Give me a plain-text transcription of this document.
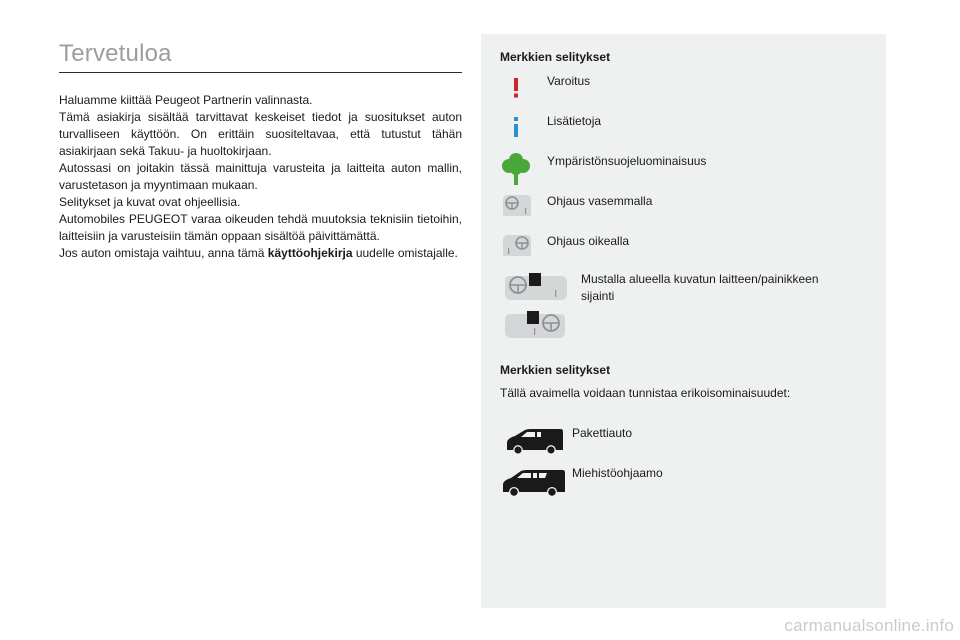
Tervetuloa

Haluamme kiittää Peugeot Partnerin valinnasta.

Tämä asiakirja sisältää tarvittavat keskeiset tiedot ja suositukset auton turvalliseen käyttöön. On erittäin suositeltavaa, että tutustut tähän asiakirjaan sekä Takuu- ja huoltokirjaan.

Autossasi on joitakin tässä mainittuja varusteita ja laitteita auton mallin, varustetason ja myyntimaan mukaan.

Selitykset ja kuvat ovat ohjeellisia.

Automobiles PEUGEOT varaa oikeuden tehdä muutoksia teknisiin tietoihin, laitteisiin ja varusteisiin tämän oppaan sisältöä päivittämättä.

Jos auton omistaja vaihtuu, anna tämä käyttöohjekirja uudelle omistajalle.

Merkkien selitykset
Varoitus
Lisätietoja
Ympäristönsuojeluominaisuus
Ohjaus vasemmalla
Ohjaus oikealla
Mustalla alueella kuvatun laitteen/painikkeen sijainti
Merkkien selitykset
Tällä avaimella voidaan tunnistaa erikoisominaisuudet:
Pakettiauto
Miehistöohjaamo
carmanualsonline.info
